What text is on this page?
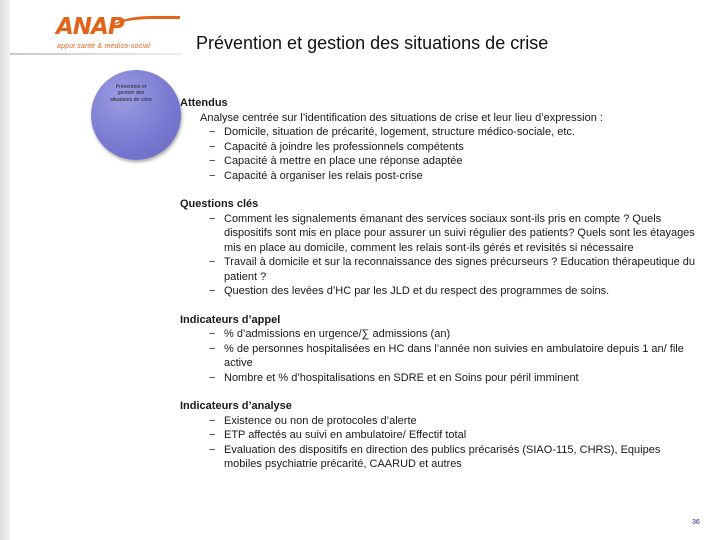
ANAP
appui santé & médico-social
Prévention et gestion des situations de crise
Prévention et gestion des situations de crise
Attendus
Analyse centrée sur l’identification des situations de crise et leur lieu d’expression :
− Domicile, situation de précarité, logement, structure médico-sociale, etc.
− Capacité à joindre les professionnels compétents
− Capacité à mettre en place une réponse adaptée
− Capacité à organiser les relais post-crise
Questions clés
− Comment les signalements émanant des services sociaux sont-ils pris en compte ? Quels dispositifs sont mis en place pour assurer un suivi régulier des patients? Quels sont les étayages mis en place au domicile, comment les relais sont-ils gérés et revisités si nécessaire
− Travail à domicile et sur la reconnaissance des signes précurseurs ? Education thérapeutique du patient ?
− Question des levées d’HC par les JLD et du respect des programmes de soins.
Indicateurs d’appel
− % d’admissions en urgence/∑ admissions (an)
− % de personnes hospitalisées en HC dans l’année non suivies en ambulatoire depuis 1 an/ file active
− Nombre et % d’hospitalisations en SDRE et en Soins pour péril imminent
Indicateurs d’analyse
− Existence ou non de protocoles d’alerte
− ETP affectés au suivi en ambulatoire/ Effectif total
− Evaluation des dispositifs en direction des publics précarisés (SIAO-115, CHRS), Equipes mobiles psychiatrie précarité, CAARUD et autres
36
